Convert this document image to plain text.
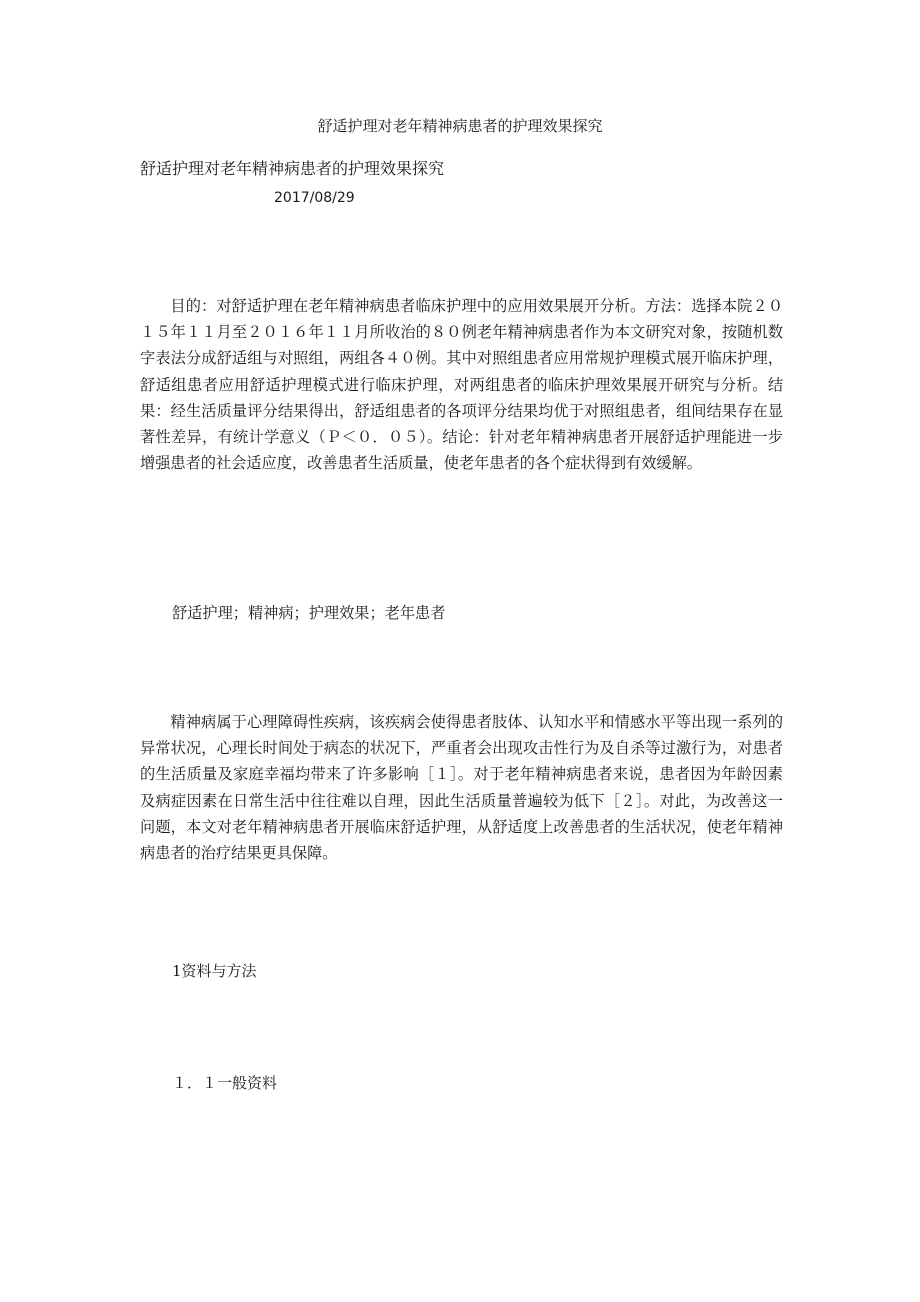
舒适护理对老年精神病患者的护理效果探究
舒适护理对老年精神病患者的护理效果探究
2017/08/29

目的：对舒适护理在老年精神病患者临床护理中的应用效果展开分析。方法：选择本院２０１５年１１月至２０１６年１１月所收治的８０例老年精神病患者作为本文研究对象，按随机数字表法分成舒适组与对照组，两组各４０例。其中对照组患者应用常规护理模式展开临床护理，舒适组患者应用舒适护理模式进行临床护理，对两组患者的临床护理效果展开研究与分析。结果：经生活质量评分结果得出，舒适组患者的各项评分结果均优于对照组患者，组间结果存在显著性差异，有统计学意义（Ｐ＜０．０５）。结论：针对老年精神病患者开展舒适护理能进一步增强患者的社会适应度，改善患者生活质量，使老年患者的各个症状得到有效缓解。

舒适护理；精神病；护理效果；老年患者

精神病属于心理障碍性疾病，该疾病会使得患者肢体、认知水平和情感水平等出现一系列的异常状况，心理长时间处于病态的状况下，严重者会出现攻击性行为及自杀等过激行为，对患者的生活质量及家庭幸福均带来了许多影响［１］。对于老年精神病患者来说，患者因为年龄因素及病症因素在日常生活中往往难以自理，因此生活质量普遍较为低下［２］。对此，为改善这一问题，本文对老年精神病患者开展临床舒适护理，从舒适度上改善患者的生活状况，使老年精神病患者的治疗结果更具保障。

1资料与方法
１．１一般资料
